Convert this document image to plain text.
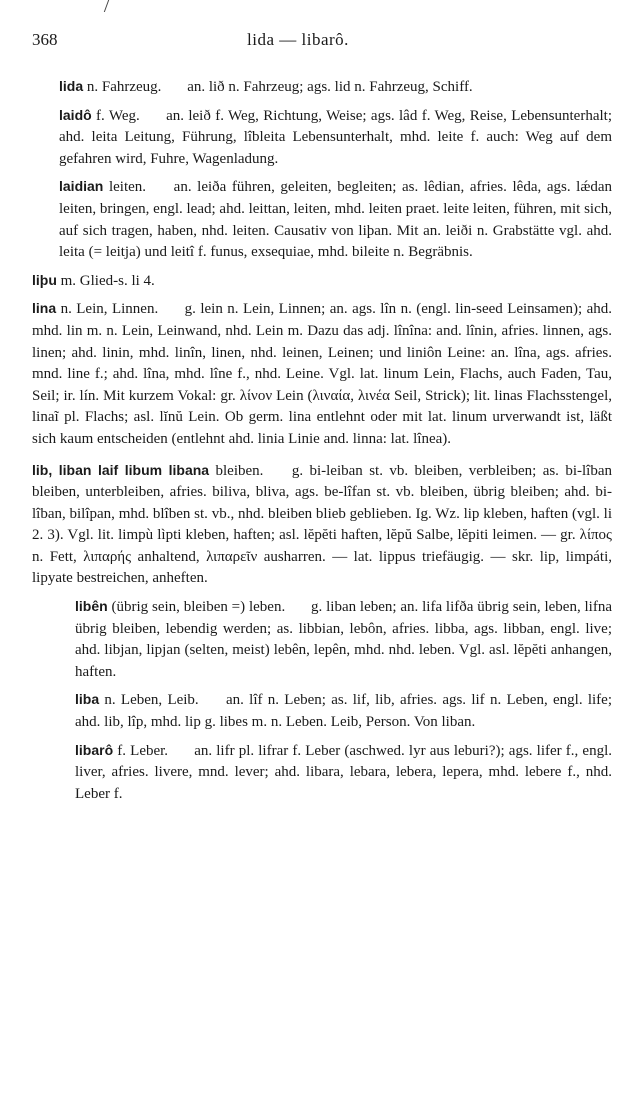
368	lida — libarô.

lida n. Fahrzeug. an. lið n. Fahrzeug; ags. lid n. Fahrzeug, Schiff.

laidô f. Weg. an. leið f. Weg, Richtung, Weise; ags. lâd f. Weg, Reise, Lebensunterhalt; ahd. leita Leitung, Führung, lîbleita Lebensunterhalt, mhd. leite f. auch: Weg auf dem gefahren wird, Fuhre, Wagenladung.

laidian leiten. an. leiða führen, geleiten, begleiten; as. lêdian, afries. lêda, ags. lǽdan leiten, bringen, engl. lead; ahd. leittan, leiten, mhd. leiten praet. leite leiten, führen, mit sich, auf sich tragen, haben, nhd. leiten. Causativ von liþan. Mit an. leiði n. Grabstätte vgl. ahd. leita (= leitja) und leitî f. funus, exsequiae, mhd. bileite n. Begräbnis.

liþu m. Glied-s. li 4.

lina n. Lein, Linnen. g. lein n. Lein, Linnen; an. ags. lîn n. (engl. lin-seed Leinsamen); ahd. mhd. lin m. n. Lein, Leinwand, nhd. Lein m. Dazu das adj. lînîna: and. lînin, afries. linnen, ags. linen; ahd. linin, mhd. linîn, linen, nhd. leinen, Leinen; und liniôn Leine: an. lîna, ags. afries. mnd. line f.; ahd. lîna, mhd. lîne f., nhd. Leine. Vgl. lat. linum Lein, Flachs, auch Faden, Tau, Seil; ir. lín. Mit kurzem Vokal: gr. λίνον Lein (λιναία, λινέα Seil, Strick); lit. linas Flachsstengel, linaĩ pl. Flachs; asl. lĭnŭ Lein. Ob germ. lina entlehnt oder mit lat. linum urverwandt ist, läßt sich kaum entscheiden (entlehnt ahd. linia Linie and. linna: lat. lînea).

lib, liban laif libum libana bleiben. g. bi-leiban st. vb. bleiben, verbleiben; as. bi-lîban bleiben, unterbleiben, afries. biliva, bliva, ags. be-lîfan st. vb. bleiben, übrig bleiben; ahd. bi-lîban, bilîpan, mhd. blîben st. vb., nhd. bleiben blieb geblieben. Ig. Wz. lip kleben, haften (vgl. li 2. 3). Vgl. lit. limpù lìpti kleben, haften; asl. lĕpĕti haften, lĕpŭ Salbe, lĕpiti leimen. — gr. λίπος n. Fett, λιπαρής anhaltend, λιπαρεῖν ausharren. — lat. lippus triefäugig. — skr. lip, limpáti, lipyate bestreichen, anheften.

libên (übrig sein, bleiben =) leben. g. liban leben; an. lifa lifða übrig sein, leben, lifna übrig bleiben, lebendig werden; as. libbian, lebôn, afries. libba, ags. libban, engl. live; ahd. libjan, lipjan (selten, meist) lebên, lepên, mhd. nhd. leben. Vgl. asl. lĕpĕti anhangen, haften.

liba n. Leben, Leib. an. lîf n. Leben; as. lif, lib, afries. ags. lif n. Leben, engl. life; ahd. lib, lîp, mhd. lip g. libes m. n. Leben. Leib, Person. Von liban.

libarô f. Leber. an. lifr pl. lifrar f. Leber (aschwed. lyr aus leburi?); ags. lifer f., engl. liver, afries. livere, mnd. lever; ahd. libara, lebara, lebera, lepera, mhd. lebere f., nhd. Leber f.
